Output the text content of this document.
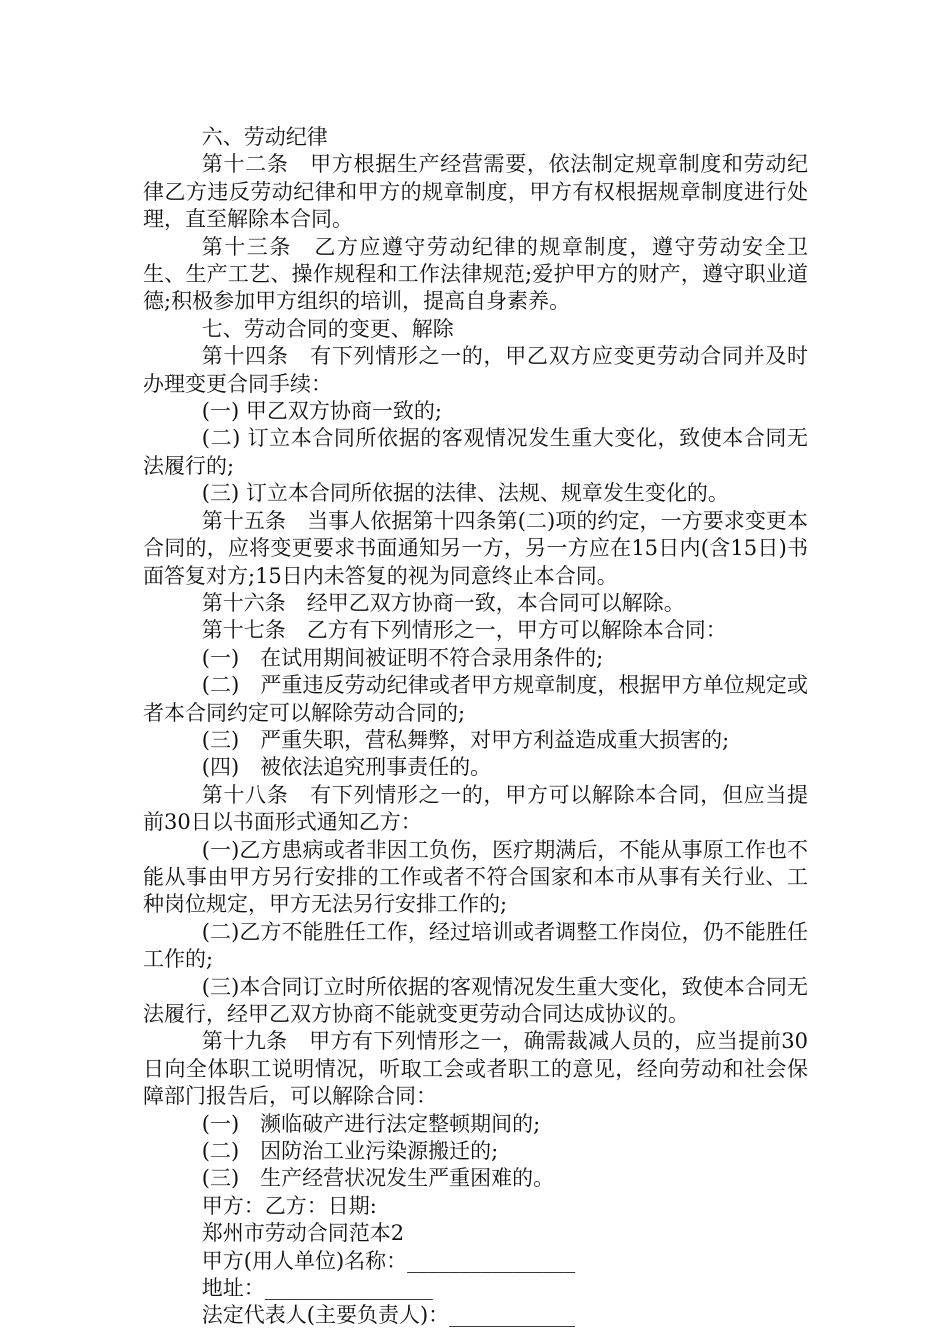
六、劳动纪律

第十二条　甲方根据生产经营需要，依法制定规章制度和劳动纪律乙方违反劳动纪律和甲方的规章制度，甲方有权根据规章制度进行处理，直至解除本合同。

第十三条　乙方应遵守劳动纪律的规章制度，遵守劳动安全卫生、生产工艺、操作规程和工作法律规范;爱护甲方的财产，遵守职业道德;积极参加甲方组织的培训，提高自身素养。

七、劳动合同的变更、解除

第十四条　有下列情形之一的，甲乙双方应变更劳动合同并及时办理变更合同手续：

(一) 甲乙双方协商一致的;

(二) 订立本合同所依据的客观情况发生重大变化，致使本合同无法履行的;

(三) 订立本合同所依据的法律、法规、规章发生变化的。

第十五条　当事人依据第十四条第(二)项的约定，一方要求变更本合同的，应将变更要求书面通知另一方，另一方应在15日内(含15日)书面答复对方;15日内未答复的视为同意终止本合同。

第十六条　经甲乙双方协商一致，本合同可以解除。

第十七条　乙方有下列情形之一，甲方可以解除本合同：

(一)　在试用期间被证明不符合录用条件的;

(二)　严重违反劳动纪律或者甲方规章制度，根据甲方单位规定或者本合同约定可以解除劳动合同的;

(三)　严重失职，营私舞弊，对甲方利益造成重大损害的;

(四)　被依法追究刑事责任的。

第十八条　有下列情形之一的，甲方可以解除本合同，但应当提前30日以书面形式通知乙方：

(一)乙方患病或者非因工负伤，医疗期满后，不能从事原工作也不能从事由甲方另行安排的工作或者不符合国家和本市从事有关行业、工种岗位规定，甲方无法另行安排工作的;

(二)乙方不能胜任工作，经过培训或者调整工作岗位，仍不能胜任工作的;

(三)本合同订立时所依据的客观情况发生重大变化，致使本合同无法履行，经甲乙双方协商不能就变更劳动合同达成协议的。

第十九条　甲方有下列情形之一，确需裁减人员的，应当提前30日向全体职工说明情况，听取工会或者职工的意见，经向劳动和社会保障部门报告后，可以解除合同：

(一)　濒临破产进行法定整顿期间的;

(二)　因防治工业污染源搬迁的;

(三)　生产经营状况发生严重困难的。

甲方：乙方：日期:

郑州市劳动合同范本2

甲方(用人单位)名称：________________

地址：________________

法定代表人(主要负责人)：____________
